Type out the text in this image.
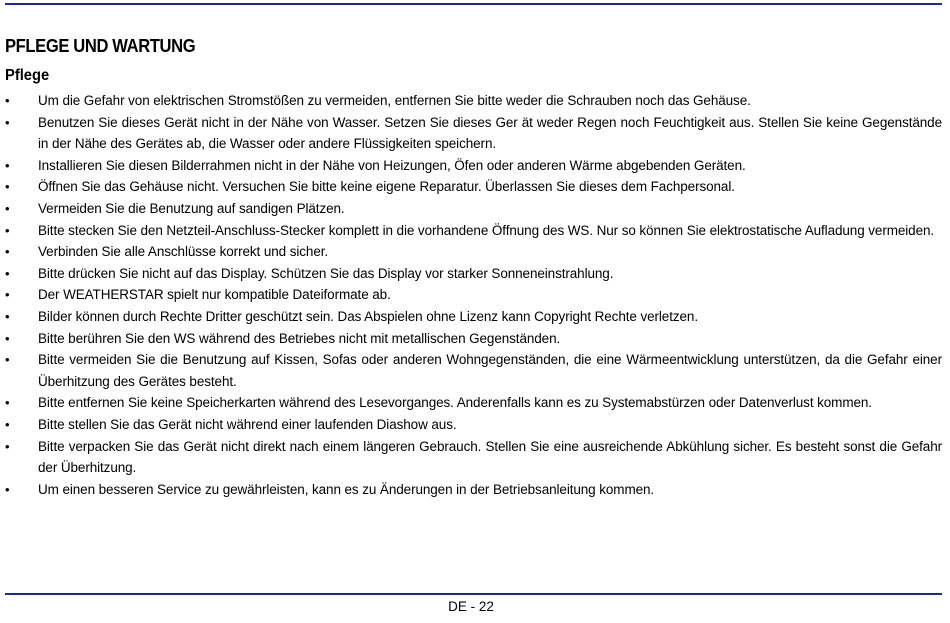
PFLEGE UND WARTUNG
Pflege
• Um die Gefahr von elektrischen Stromstößen zu vermeiden, entfernen Sie bitte weder die Schrauben noch das Gehäuse.
• Benutzen Sie dieses Gerät nicht in der Nähe von Wasser. Setzen Sie dieses Ger ät weder Regen noch Feuchtigkeit aus. Stellen Sie keine Gegenstände in der Nähe des Gerätes ab, die Wasser oder andere Flüssigkeiten speichern.
• Installieren Sie diesen Bilderrahmen nicht in der Nähe von Heizungen, Öfen oder anderen Wärme abgebenden Geräten.
• Öffnen Sie das Gehäuse nicht. Versuchen Sie bitte keine eigene Reparatur. Überlassen Sie dieses dem Fachpersonal.
• Vermeiden Sie die Benutzung auf sandigen Plätzen.
• Bitte stecken Sie den Netzteil-Anschluss-Stecker komplett in die vorhandene Öffnung des WS. Nur so können Sie elektrostatische Aufladung vermeiden.
• Verbinden Sie alle Anschlüsse korrekt und sicher.
• Bitte drücken Sie nicht auf das Display. Schützen Sie das Display vor starker Sonneneinstrahlung.
• Der WEATHERSTAR spielt nur kompatible Dateiformate ab.
• Bilder können durch Rechte Dritter geschützt sein. Das Abspielen ohne Lizenz kann Copyright Rechte verletzen.
• Bitte berühren Sie den WS während des Betriebes nicht mit metallischen Gegenständen.
• Bitte vermeiden Sie die Benutzung auf Kissen, Sofas oder anderen Wohngegenständen, die eine Wärmeentwicklung unterstützen, da die Gefahr einer Überhitzung des Gerätes besteht.
• Bitte entfernen Sie keine Speicherkarten während des Lesevorganges. Anderenfalls kann es zu Systemabstürzen oder Datenverlust kommen.
• Bitte stellen Sie das Gerät nicht während einer laufenden Diashow aus.
• Bitte verpacken Sie das Gerät nicht direkt nach einem längeren Gebrauch. Stellen Sie eine ausreichende Abkühlung sicher. Es besteht sonst die Gefahr der Überhitzung.
• Um einen besseren Service zu gewährleisten, kann es zu Änderungen in der Betriebsanleitung kommen.
DE - 22
